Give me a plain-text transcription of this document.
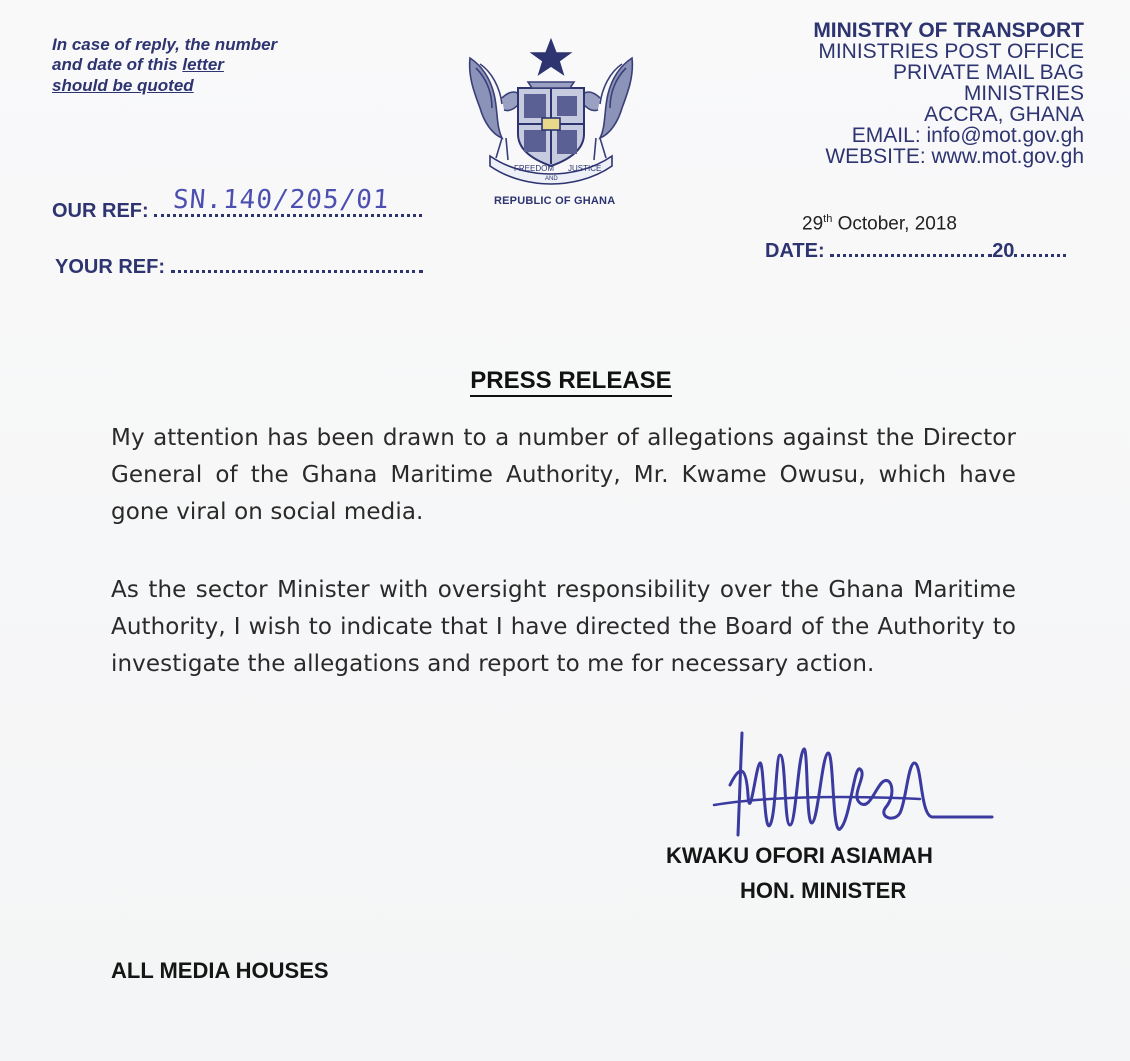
In case of reply, the number
and date of this letter
should be quoted
FREEDOM JUSTICE
AND
REPUBLIC OF GHANA
MINISTRY OF TRANSPORT
MINISTRIES POST OFFICE
PRIVATE MAIL BAG
MINISTRIES
ACCRA, GHANA
EMAIL: info@mot.gov.gh
WEBSITE: www.mot.gov.gh
OUR REF: SN.140/205/01
YOUR REF:
29th October, 2018
DATE:	20
PRESS RELEASE
My attention has been drawn to a number of allegations against the Director General of the Ghana Maritime Authority, Mr. Kwame Owusu, which have gone viral on social media.
As the sector Minister with oversight responsibility over the Ghana Maritime Authority, I wish to indicate that I have directed the Board of the Authority to investigate the allegations and report to me for necessary action.
KWAKU OFORI ASIAMAH
HON. MINISTER
ALL MEDIA HOUSES
